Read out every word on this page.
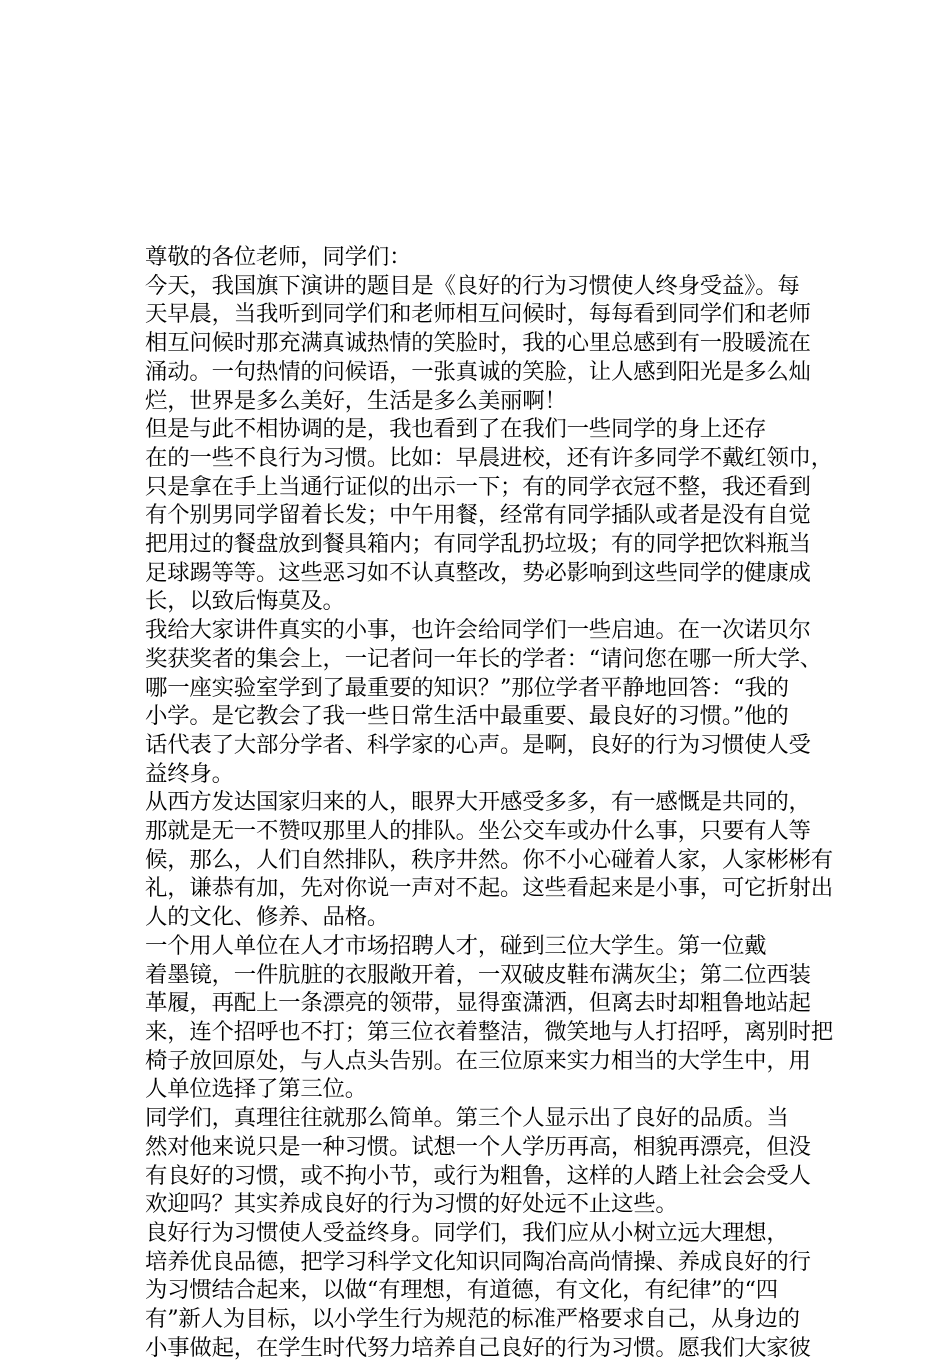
尊敬的各位老师，同学们：
今天，我国旗下演讲的题目是《良好的行为习惯使人终身受益》。每
天早晨，当我听到同学们和老师相互问候时，每每看到同学们和老师
相互问候时那充满真诚热情的笑脸时，我的心里总感到有一股暖流在
涌动。一句热情的问候语，一张真诚的笑脸，让人感到阳光是多么灿
烂，世界是多么美好，生活是多么美丽啊！
但是与此不相协调的是，我也看到了在我们一些同学的身上还存
在的一些不良行为习惯。比如：早晨进校，还有许多同学不戴红领巾，
只是拿在手上当通行证似的出示一下；有的同学衣冠不整，我还看到
有个别男同学留着长发；中午用餐，经常有同学插队或者是没有自觉
把用过的餐盘放到餐具箱内；有同学乱扔垃圾；有的同学把饮料瓶当
足球踢等等。这些恶习如不认真整改，势必影响到这些同学的健康成
长，以致后悔莫及。
我给大家讲件真实的小事，也许会给同学们一些启迪。在一次诺贝尔
奖获奖者的集会上，一记者问一年长的学者：“请问您在哪一所大学、
哪一座实验室学到了最重要的知识？”那位学者平静地回答：“我的
小学。是它教会了我一些日常生活中最重要、最良好的习惯。”他的
话代表了大部分学者、科学家的心声。是啊，良好的行为习惯使人受
益终身。
从西方发达国家归来的人，眼界大开感受多多，有一感慨是共同的，
那就是无一不赞叹那里人的排队。坐公交车或办什么事，只要有人等
候，那么，人们自然排队，秩序井然。你不小心碰着人家，人家彬彬有
礼，谦恭有加，先对你说一声对不起。这些看起来是小事，可它折射出
人的文化、修养、品格。
一个用人单位在人才市场招聘人才，碰到三位大学生。第一位戴
着墨镜，一件肮脏的衣服敞开着，一双破皮鞋布满灰尘；第二位西装
革履，再配上一条漂亮的领带，显得蛮潇洒，但离去时却粗鲁地站起
来，连个招呼也不打；第三位衣着整洁，微笑地与人打招呼，离别时把
椅子放回原处，与人点头告别。在三位原来实力相当的大学生中，用
人单位选择了第三位。
同学们，真理往往就那么简单。第三个人显示出了良好的品质。当
然对他来说只是一种习惯。试想一个人学历再高，相貌再漂亮，但没
有良好的习惯，或不拘小节，或行为粗鲁，这样的人踏上社会会受人
欢迎吗？其实养成良好的行为习惯的好处远不止这些。
良好行为习惯使人受益终身。同学们，我们应从小树立远大理想，
培养优良品德，把学习科学文化知识同陶冶高尚情操、养成良好的行
为习惯结合起来，以做“有理想，有道德，有文化，有纪律”的“四
有”新人为目标，以小学生行为规范的标准严格要求自己，从身边的
小事做起，在学生时代努力培养自己良好的行为习惯。愿我们大家彼
